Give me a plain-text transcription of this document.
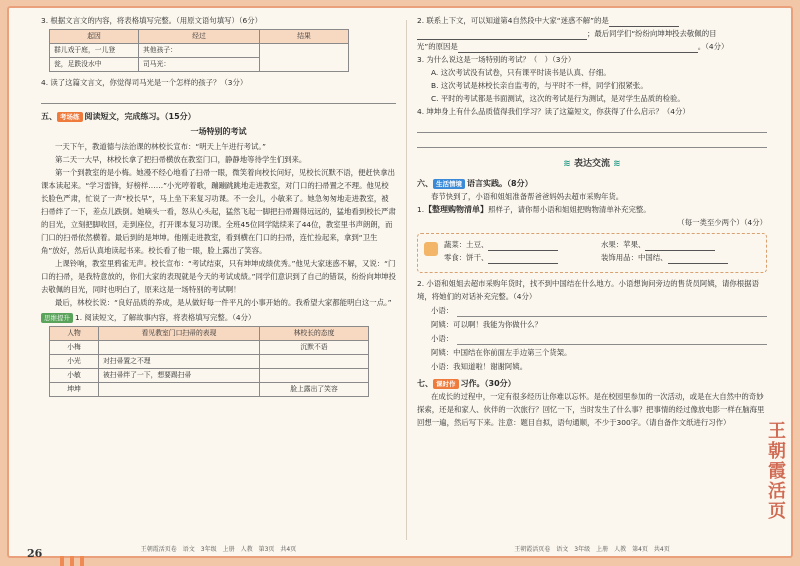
3. 根据文言文的内容，将表格填写完整。（用原文语句填写）（6分）

起因	经过	结果
群儿戏于庭，一儿登	其他孩子：	
瓮，足跌没水中	司马光：	

4. 读了这篇文言文，你觉得司马光是一个怎样的孩子？（3分）

五、 考场练 阅读短文，完成练习。（15分）
一场特别的考试

一天下午，教道德与法治课的林校长宣布：“明天上午进行考试。”

第二天一大早，林校长拿了把扫帚横放在教室门口，静静地等待学生们到来。

第一个到教室的是小梅。她漫不经心地看了扫帚一眼，微笑着向校长问好，见校长沉默不语，便赶快拿出课本读起来。“学习雷锋，好榜样……”小光哼着歌，蹦蹦跳跳地走进教室，对门口的扫帚置之不理。他见校长脸色严肃，忙说了一声“校长早”，马上坐下来复习功课。不一会儿，小敏来了。她急匆匆地走进教室，被扫帚绊了一下，差点儿跌倒。她嘀头一看，怒从心头起，猛然飞起一脚把扫帚踢得远远的，猛地看到校长严肃的目光，立刻把脚收回，走到座位，打开课本复习功课。全班45位同学陆续来了44位，教室里书声朗朗，而门口的扫帚依然横着。最后到的是坤坤。他刚走进教室，看到横在门口的扫帚，连忙捡起来，拿到“卫生角”放好，然后认真地读起书来。校长看了他一眼，脸上露出了笑容。

上课铃响，教室里鸦雀无声。校长宣布：“考试结束，只有坤坤成绩优秀。”他见大家迷惑不解，又说：“门口的扫帚，是我特意放的，你们大家的表现就是今天的考试成绩。”同学们意识到了自己的错误，纷纷向坤坤投去敬佩的目光，同时也明白了，原来这是一场特别的考试啊！

最后，林校长说：“良好品质的养成，是从做好每一件平凡的小事开始的。我希望大家都能明白这一点。”

思维提升 1. 阅读短文，了解故事内容，将表格填写完整。（4分）

人物	看见教室门口扫帚的表现	林校长的态度
小梅		沉默不语
小光	对扫帚置之不理	
小敏	被扫帚绊了一下，想要踢扫帚	
坤坤		脸上露出了笑容
26	王朝霞活页卷　语文　3年级　上册　人教　第3页　共4页

2. 联系上下文，可以知道第4自然段中大家“迷惑不解”的是

；最后同学们“纷纷向坤坤投去敬佩的目

光”的原因是	。（4分）

3. 为什么说这是一场特别的考试？（　）（3分）

A. 这次考试没有试卷，只有课平时读书是认真、仔细。

B. 这次考试是林校长亲自监考的，与平时不一样，同学们很紧张。

C. 平时的考试都是书面测试，这次的考试是行为测试，是对学生品质的检验。

4. 坤坤身上有什么品质值得我们学习？读了这篇短文，你获得了什么启示？（4分）

≋ 表达交流 ≋
六、 生活情境 语言实践。（8分）

春节快到了，小语和姐姐准备帮爸爸妈妈去超市采购年货。

1.【整理购物清单】照样子，请你帮小语和姐姐把购物清单补充完整。

（每一类至少两个）（4分）

蔬菜：土豆、	水果：苹果、
零食：饼干、	装饰用品：中国结、

2. 小语和姐姐去超市采购年货时，找不到中国结在什么地方。小语想询问旁边的售货员阿姨，请你根据语境，将她们的对话补充完整。（4分）

小语：
阿姨：可以啊！我能为你做什么？
小语：
阿姨：中国结在你前面左手边第三个货架。
小语：我知道啦！谢谢阿姨。
七、 课时作 习作。（30分）

在成长的过程中，一定有很多经历让你难以忘怀。是在校园里参加的一次活动，或是在大自然中的奇妙探索，还是和家人、伙伴的一次旅行？回忆一下，当时发生了什么事？把事情的经过像放电影一样在脑海里回想一遍，然后写下来。注意：题目自拟，语句通顺，不少于300字。（请自备作文纸进行习作）

王朝霞活页卷　语文　3年级　上册　人教　第4页　共4页
王朝霞活页
